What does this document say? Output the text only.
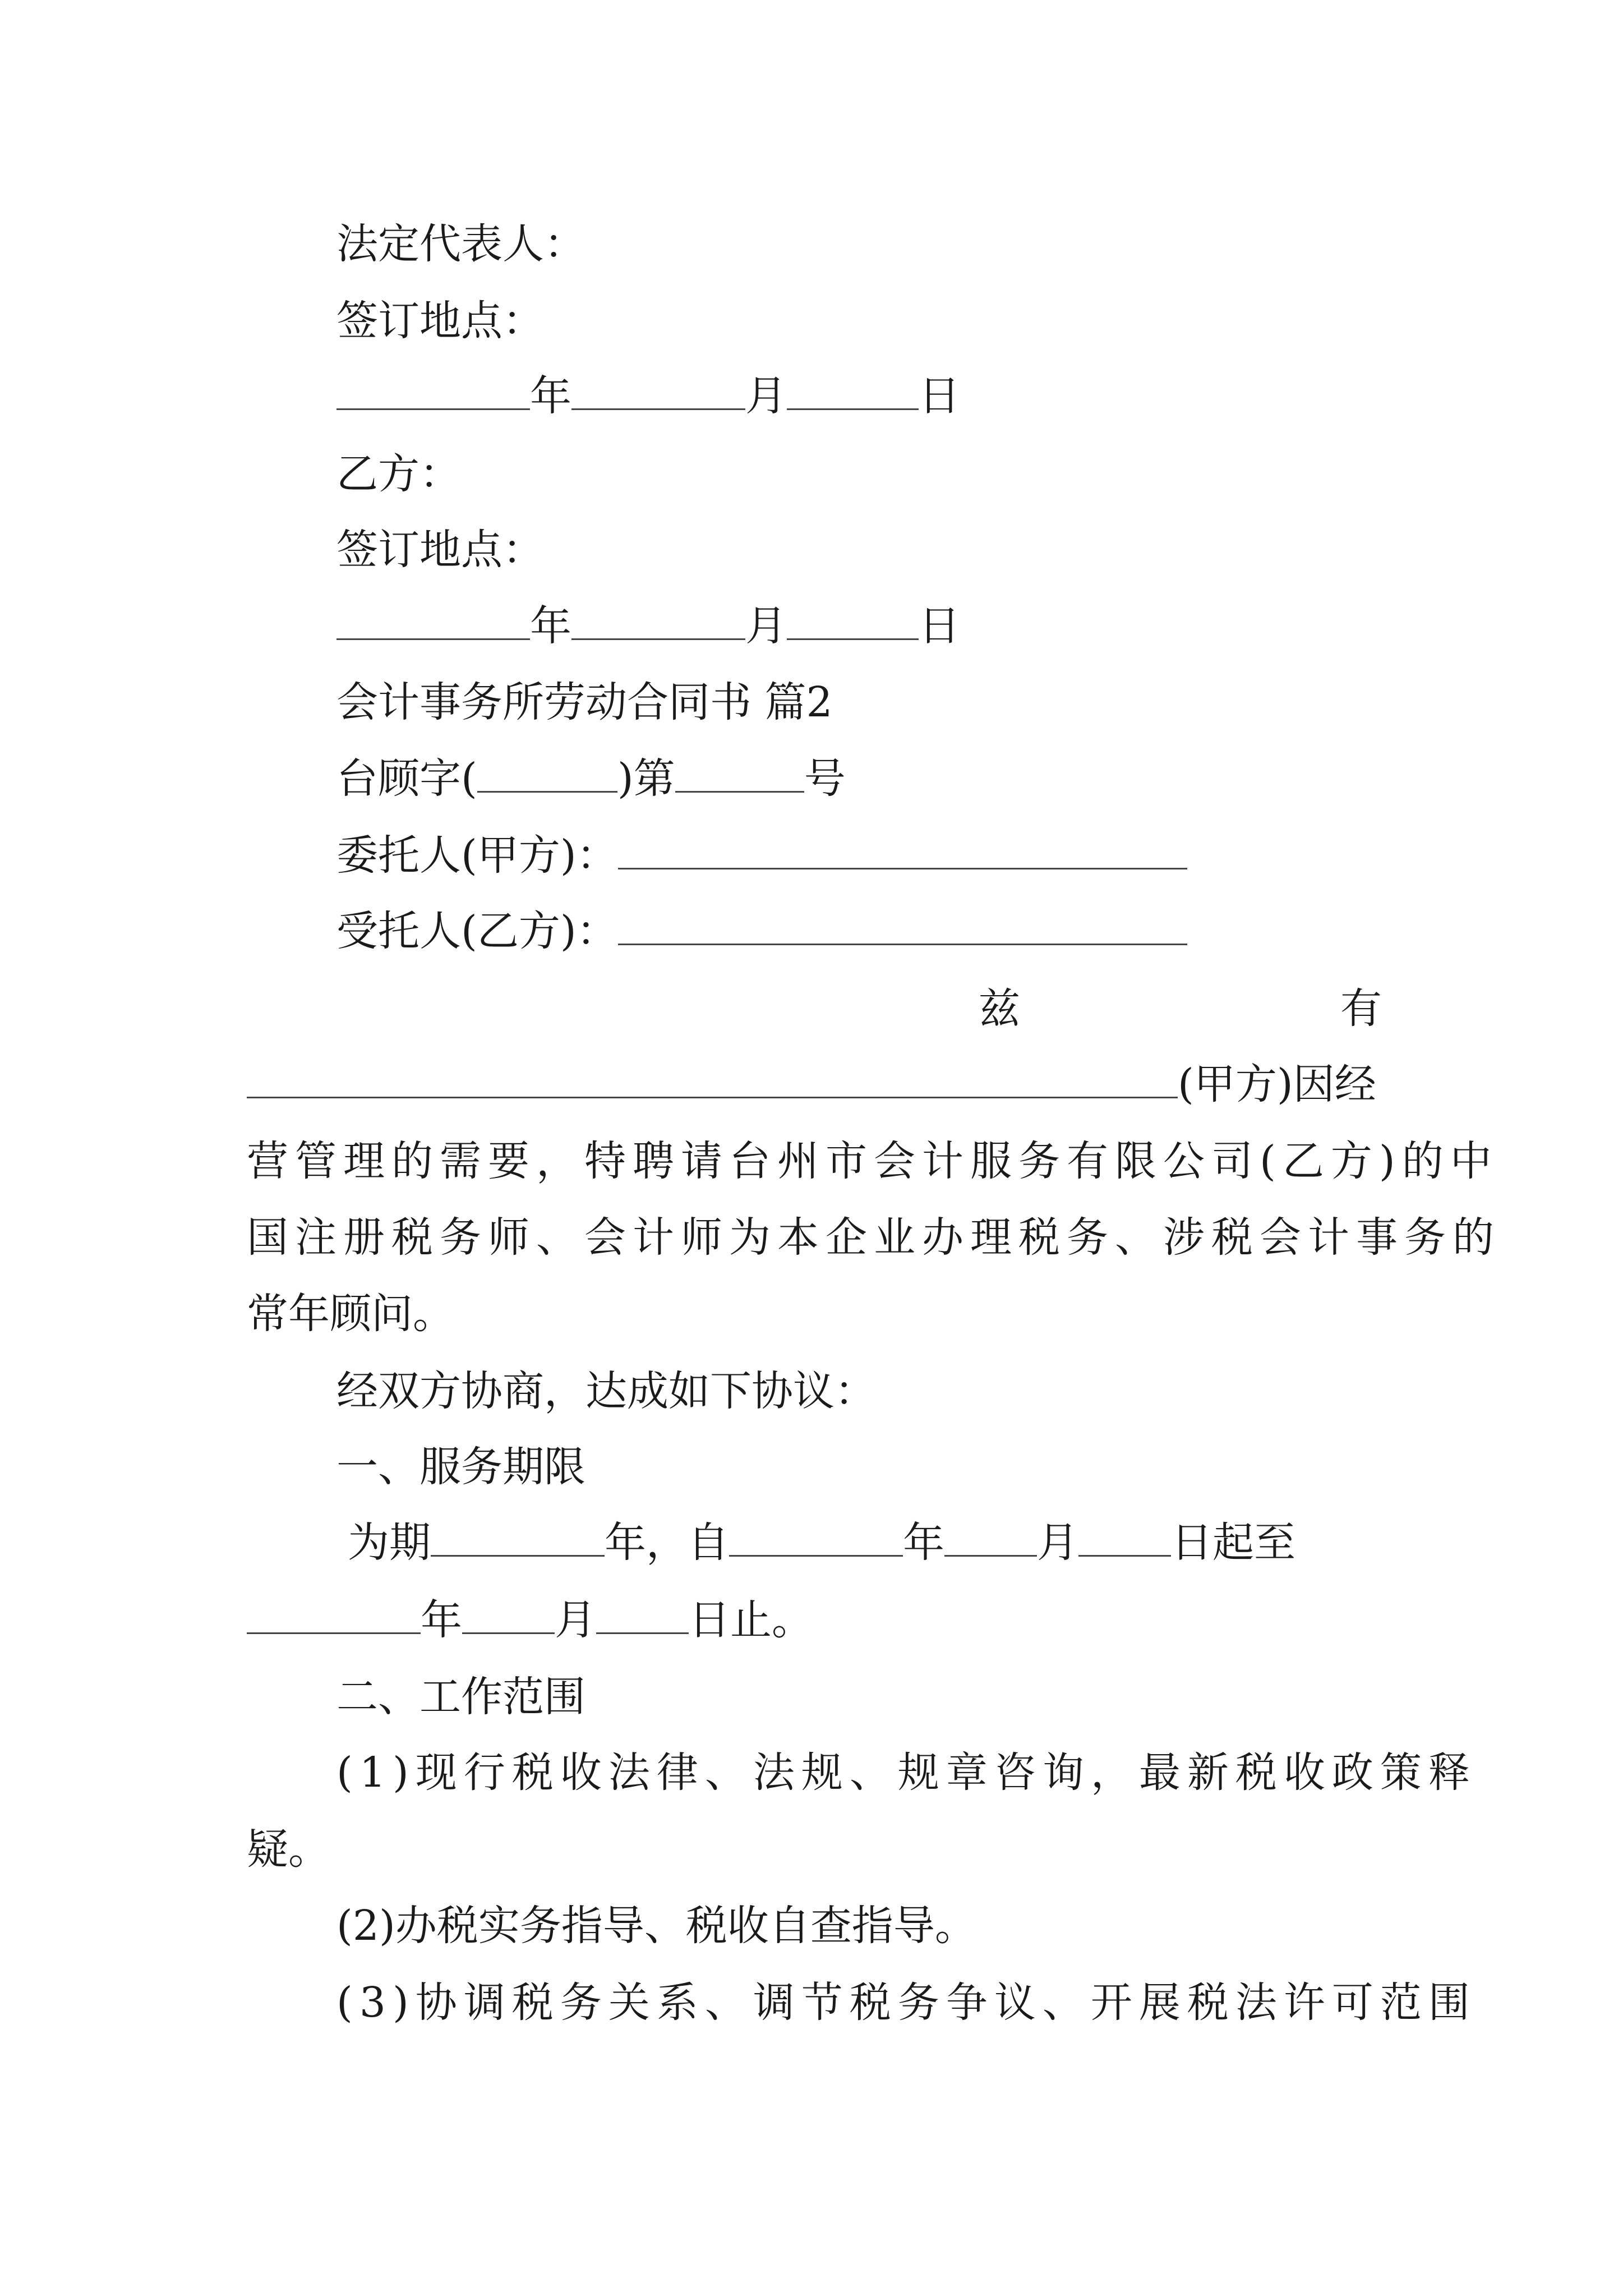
法定代表人：
签订地点：
年	月	日
乙方：
签订地点：
年	月	日
会计事务所劳动合同书 篇2
台顾字(	)第	号
委托人(甲方)：
受托人(乙方)：
兹	有
(甲方)因经
营管理的需要，特聘请台州市会计服务有限公司(乙方)的中
国注册税务师、会计师为本企业办理税务、涉税会计事务的
常年顾问。
经双方协商，达成如下协议：
一、服务期限
为期	年，自	年 月 日起至
年 月 日止。
二、工作范围
(1)现行税收法律、法规、规章咨询，最新税收政策释
疑。
(2)办税实务指导、税收自查指导。
(3)协调税务关系、调节税务争议、开展税法许可范围
